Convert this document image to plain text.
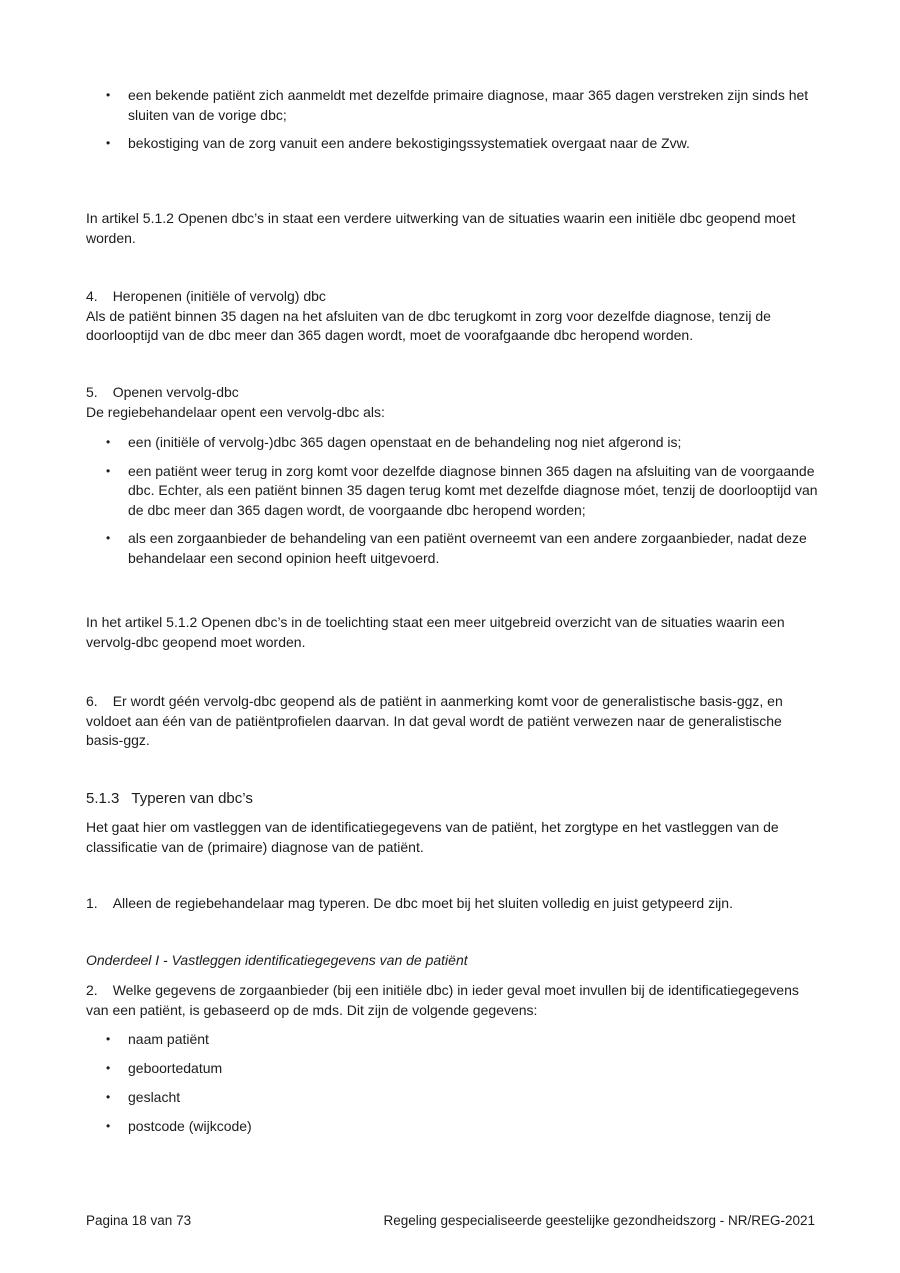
• een bekende patiënt zich aanmeldt met dezelfde primaire diagnose, maar 365 dagen verstreken zijn sinds het sluiten van de vorige dbc;
• bekostiging van de zorg vanuit een andere bekostigingssystematiek overgaat naar de Zvw.

In artikel 5.1.2 Openen dbc’s in staat een verdere uitwerking van de situaties waarin een initiële dbc geopend moet worden.

4. Heropenen (initiële of vervolg) dbc
Als de patiënt binnen 35 dagen na het afsluiten van de dbc terugkomt in zorg voor dezelfde diagnose, tenzij de doorlooptijd van de dbc meer dan 365 dagen wordt, moet de voorafgaande dbc heropend worden.
5. Openen vervolg-dbc
De regiebehandelaar opent een vervolg-dbc als:
• een (initiële of vervolg-)dbc 365 dagen openstaat en de behandeling nog niet afgerond is;
• een patiënt weer terug in zorg komt voor dezelfde diagnose binnen 365 dagen na afsluiting van de voorgaande dbc. Echter, als een patiënt binnen 35 dagen terug komt met dezelfde diagnose móet, tenzij de doorlooptijd van de dbc meer dan 365 dagen wordt, de voorgaande dbc heropend worden;
• als een zorgaanbieder de behandeling van een patiënt overneemt van een andere zorgaanbieder, nadat deze behandelaar een second opinion heeft uitgevoerd.

In het artikel 5.1.2 Openen dbc’s in de toelichting staat een meer uitgebreid overzicht van de situaties waarin een vervolg-dbc geopend moet worden.

6. Er wordt géén vervolg-dbc geopend als de patiënt in aanmerking komt voor de generalistische basis-ggz, en voldoet aan één van de patiëntprofielen daarvan. In dat geval wordt de patiënt verwezen naar de generalistische basis-ggz.

5.1.3 Typeren van dbc’s

Het gaat hier om vastleggen van de identificatiegegevens van de patiënt, het zorgtype en het vastleggen van de classificatie van de (primaire) diagnose van de patiënt.

1. Alleen de regiebehandelaar mag typeren. De dbc moet bij het sluiten volledig en juist getypeerd zijn.

Onderdeel I - Vastleggen identificatiegegevens van de patiënt

2. Welke gegevens de zorgaanbieder (bij een initiële dbc) in ieder geval moet invullen bij de identificatiegegevens van een patiënt, is gebaseerd op de mds. Dit zijn de volgende gegevens:

• naam patiënt
• geboortedatum
• geslacht
• postcode (wijkcode)
Pagina 18 van 73	Regeling gespecialiseerde geestelijke gezondheidszorg - NR/REG-2021
